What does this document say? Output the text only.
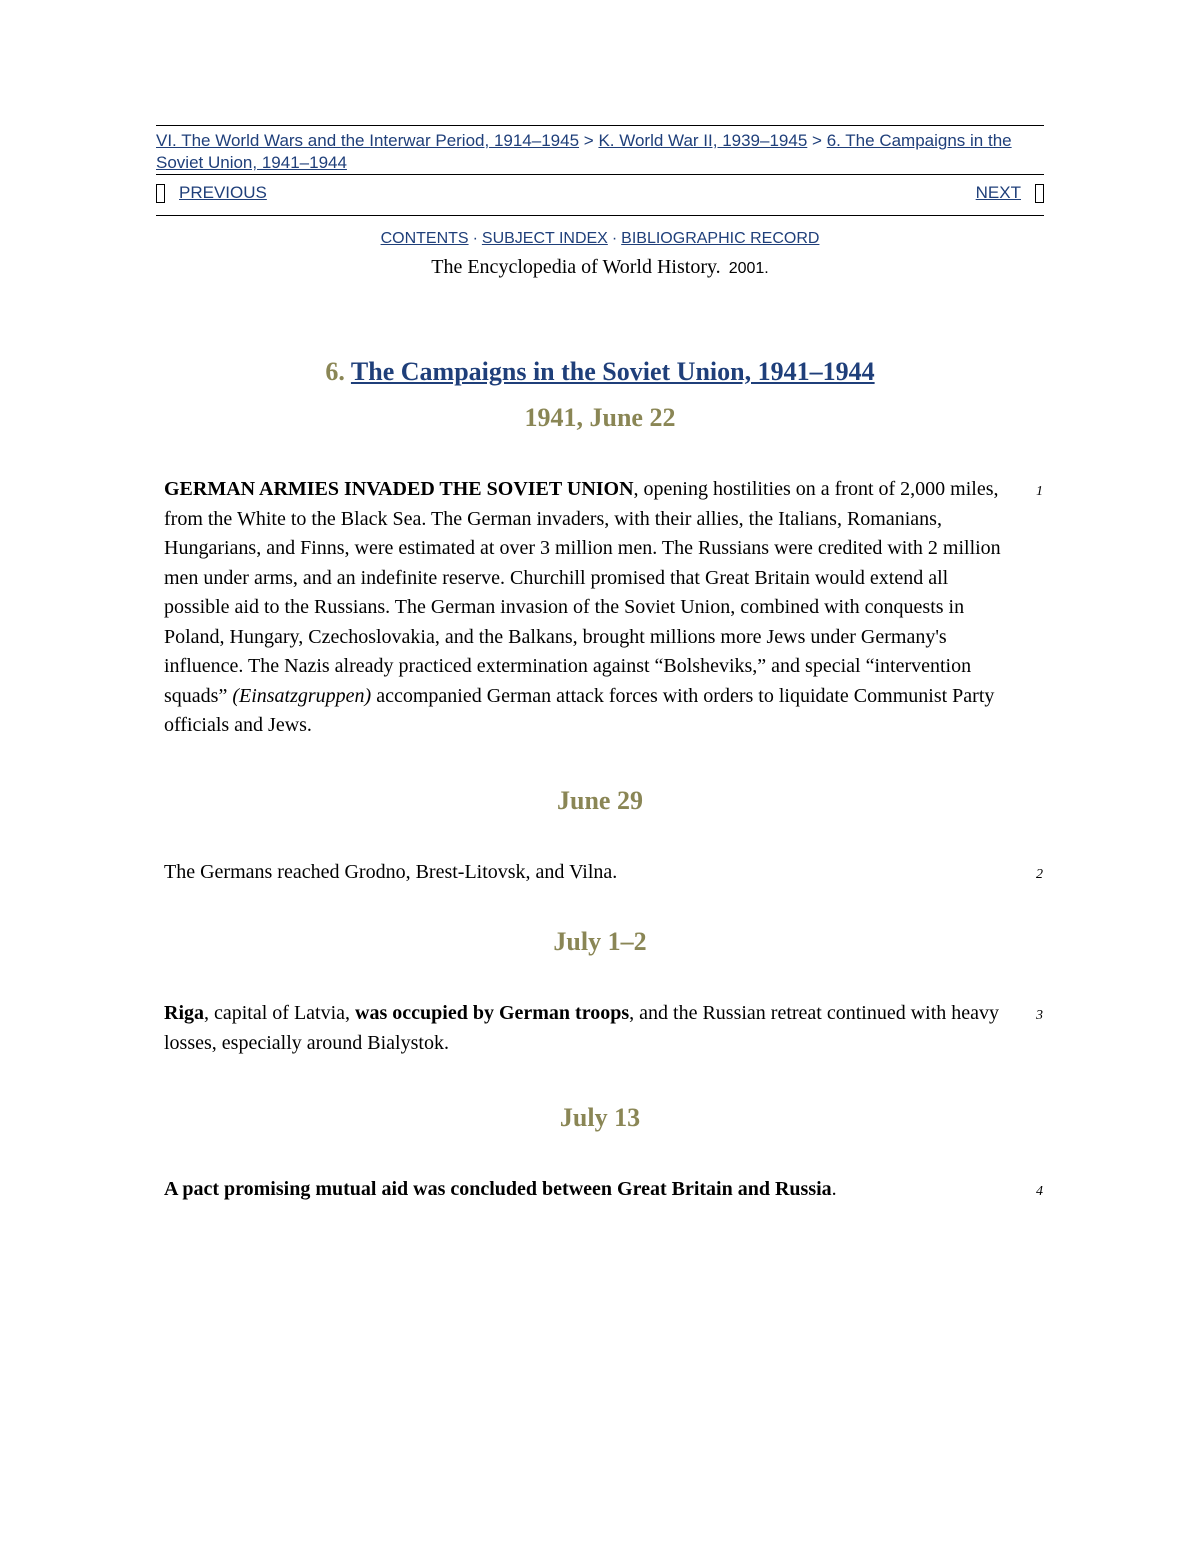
VI. The World Wars and the Interwar Period, 1914–1945 > K. World War II, 1939–1945 > 6. The Campaigns in the Soviet Union, 1941–1944
PREVIOUS	NEXT
CONTENTS · SUBJECT INDEX · BIBLIOGRAPHIC RECORD
The Encyclopedia of World History. 2001.
6. The Campaigns in the Soviet Union, 1941–1944
1941, June 22
GERMAN ARMIES INVADED THE SOVIET UNION, opening hostilities on a front of 2,000 miles, from the White to the Black Sea. The German invaders, with their allies, the Italians, Romanians, Hungarians, and Finns, were estimated at over 3 million men. The Russians were credited with 2 million men under arms, and an indefinite reserve. Churchill promised that Great Britain would extend all possible aid to the Russians. The German invasion of the Soviet Union, combined with conquests in Poland, Hungary, Czechoslovakia, and the Balkans, brought millions more Jews under Germany's influence. The Nazis already practiced extermination against “Bolsheviks,” and special “intervention squads” (Einsatzgruppen) accompanied German attack forces with orders to liquidate Communist Party officials and Jews.
1
June 29
The Germans reached Grodno, Brest-Litovsk, and Vilna.	2
July 1–2
Riga, capital of Latvia, was occupied by German troops, and the Russian retreat continued with heavy losses, especially around Bialystok.
3
July 13
A pact promising mutual aid was concluded between Great Britain and Russia.	4
